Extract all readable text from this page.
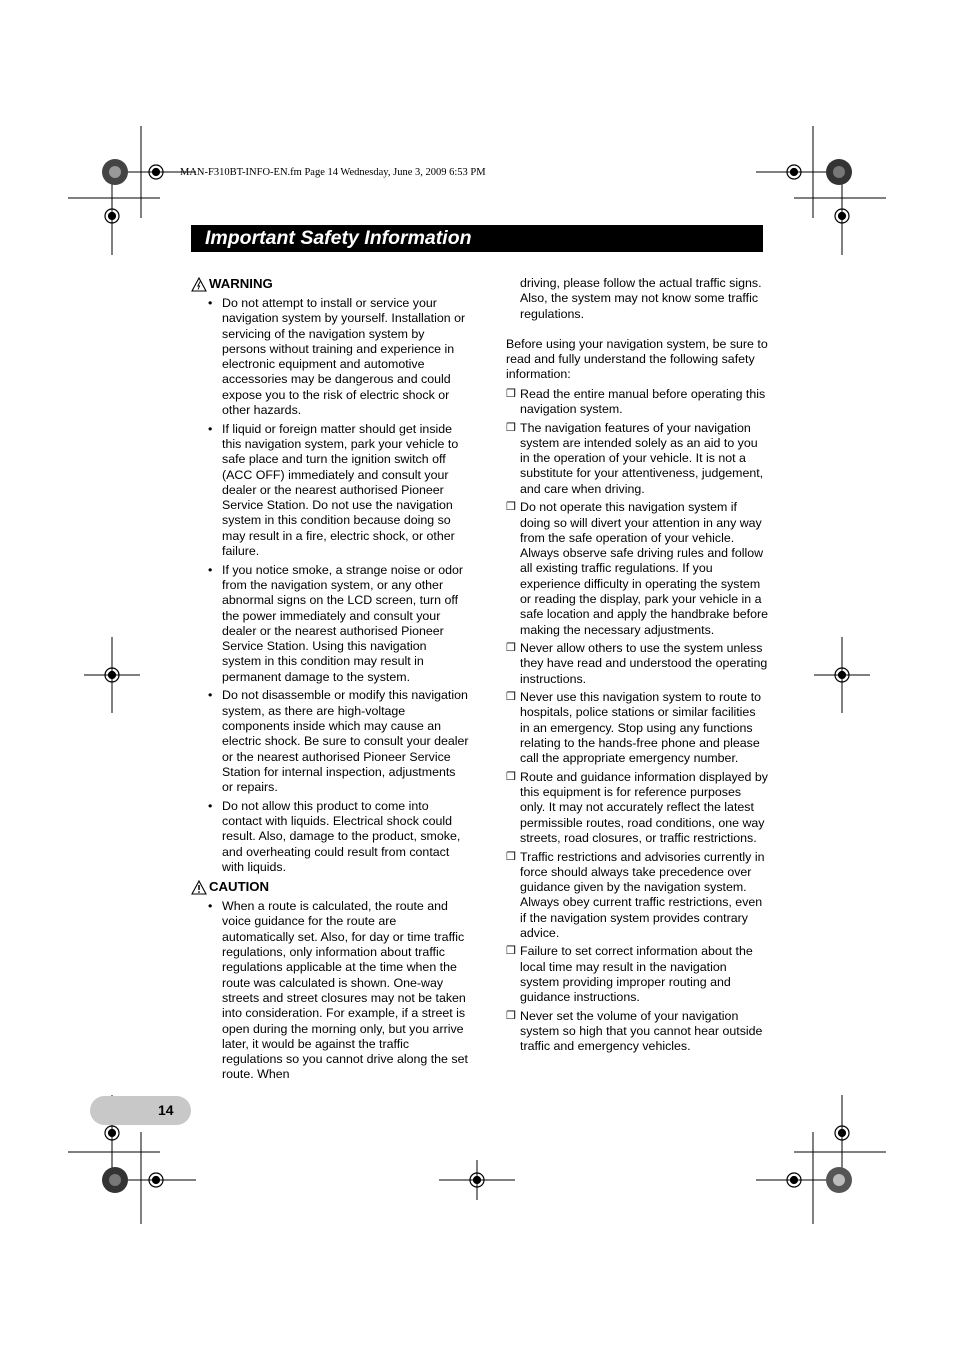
MAN-F310BT-INFO-EN.fm Page 14 Wednesday, June 3, 2009 6:53 PM
Important Safety Information
WARNING
• Do not attempt to install or service your navigation system by yourself. Installation or servicing of the navigation system by persons without training and experience in electronic equipment and automotive accessories may be dangerous and could expose you to the risk of electric shock or other hazards.
• If liquid or foreign matter should get inside this navigation system, park your vehicle to safe place and turn the ignition switch off (ACC OFF) immediately and consult your dealer or the nearest authorised Pioneer Service Station. Do not use the navigation system in this condition because doing so may result in a fire, electric shock, or other failure.
• If you notice smoke, a strange noise or odor from the navigation system, or any other abnormal signs on the LCD screen, turn off the power immediately and consult your dealer or the nearest authorised Pioneer Service Station. Using this navigation system in this condition may result in permanent damage to the system.
• Do not disassemble or modify this navigation system, as there are high-voltage components inside which may cause an electric shock. Be sure to consult your dealer or the nearest authorised Pioneer Service Station for internal inspection, adjustments or repairs.
• Do not allow this product to come into contact with liquids. Electrical shock could result. Also, damage to the product, smoke, and overheating could result from contact with liquids.
CAUTION
• When a route is calculated, the route and voice guidance for the route are automatically set. Also, for day or time traffic regulations, only information about traffic regulations applicable at the time when the route was calculated is shown. One-way streets and street closures may not be taken into consideration. For example, if a street is open during the morning only, but you arrive later, it would be against the traffic regulations so you cannot drive along the set route. When

driving, please follow the actual traffic signs. Also, the system may not know some traffic regulations.

Before using your navigation system, be sure to read and fully understand the following safety information:

❒ Read the entire manual before operating this navigation system.
❒ The navigation features of your navigation system are intended solely as an aid to you in the operation of your vehicle. It is not a substitute for your attentiveness, judgement, and care when driving.
❒ Do not operate this navigation system if doing so will divert your attention in any way from the safe operation of your vehicle. Always observe safe driving rules and follow all existing traffic regulations. If you experience difficulty in operating the system or reading the display, park your vehicle in a safe location and apply the handbrake before making the necessary adjustments.
❒ Never allow others to use the system unless they have read and understood the operating instructions.
❒ Never use this navigation system to route to hospitals, police stations or similar facilities in an emergency. Stop using any functions relating to the hands-free phone and please call the appropriate emergency number.
❒ Route and guidance information displayed by this equipment is for reference purposes only. It may not accurately reflect the latest permissible routes, road conditions, one way streets, road closures, or traffic restrictions.
❒ Traffic restrictions and advisories currently in force should always take precedence over guidance given by the navigation system. Always obey current traffic restrictions, even if the navigation system provides contrary advice.
❒ Failure to set correct information about the local time may result in the navigation system providing improper routing and guidance instructions.
❒ Never set the volume of your navigation system so high that you cannot hear outside traffic and emergency vehicles.
14
